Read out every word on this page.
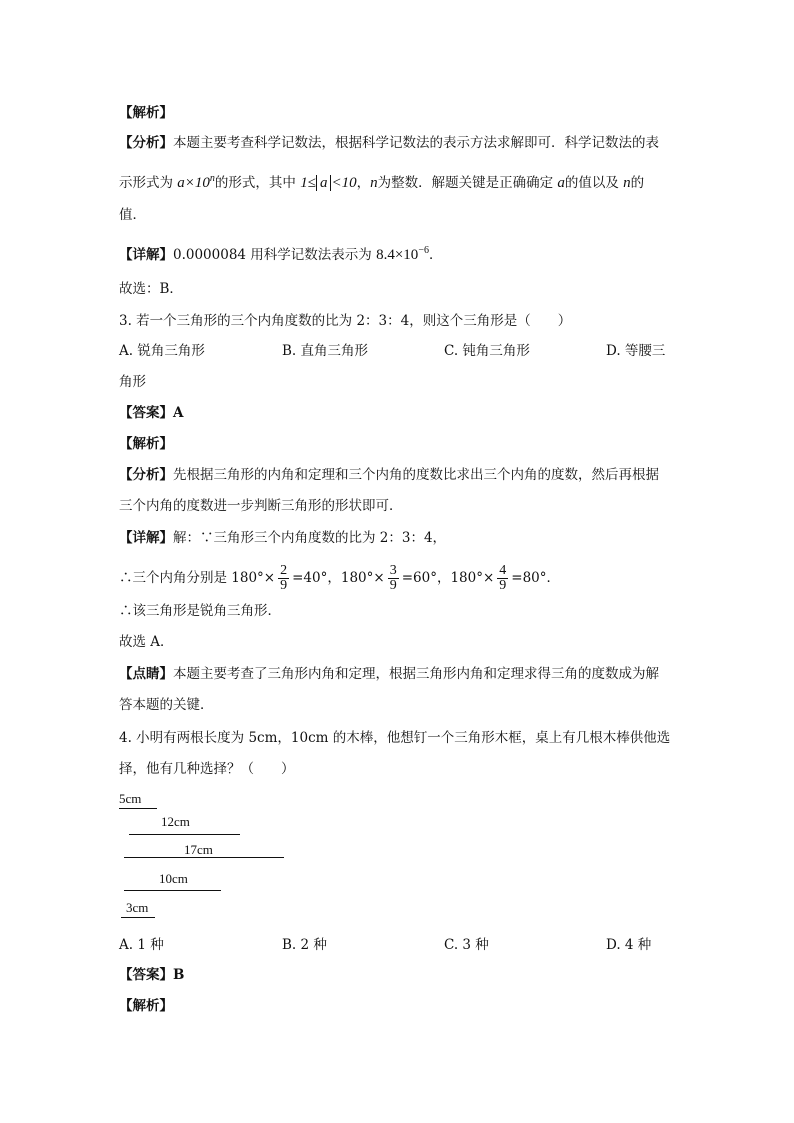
【解析】
【分析】本题主要考查科学记数法，根据科学记数法的表示方法求解即可．科学记数法的表
示形式为 $a\times 10^n$的形式，其中 1≤ a <10，n为整数．解题关键是正确确定 a的值以及 n的
值．
【详解】0.0000084 用科学记数法表示为 $8.4\times 10^{-6}$．
故选：B．
3. 若一个三角形的三个内角度数的比为 2：3：4，则这个三角形是（　　）
A. 锐角三角形	B. 直角三角形	C. 钝角三角形	D. 等腰三
角形
【答案】A
【解析】
【分析】先根据三角形的内角和定理和三个内角的度数比求出三个内角的度数，然后再根据
三个内角的度数进一步判断三角形的形状即可．
【详解】解：∵三角形三个内角度数的比为 2：3：4，
∴三个内角分别是 $180^\circ\times \frac{2}{9} =40^\circ$，$180^\circ\times \frac{3}{9} =60^\circ$，$180^\circ\times \frac{4}{9} =80^\circ$．
∴该三角形是锐角三角形．
故选 A．
【点睛】本题主要考查了三角形内角和定理，根据三角形内角和定理求得三角的度数成为解
答本题的关键．
4. 小明有两根长度为 5cm，10cm 的木棒，他想钉一个三角形木框，桌上有几根木棒供他选
择，他有几种选择？（　　）
5cm
12cm
17cm
10cm
3cm
A. 1 种	B. 2 种	C. 3 种	D. 4 种
【答案】B
【解析】
